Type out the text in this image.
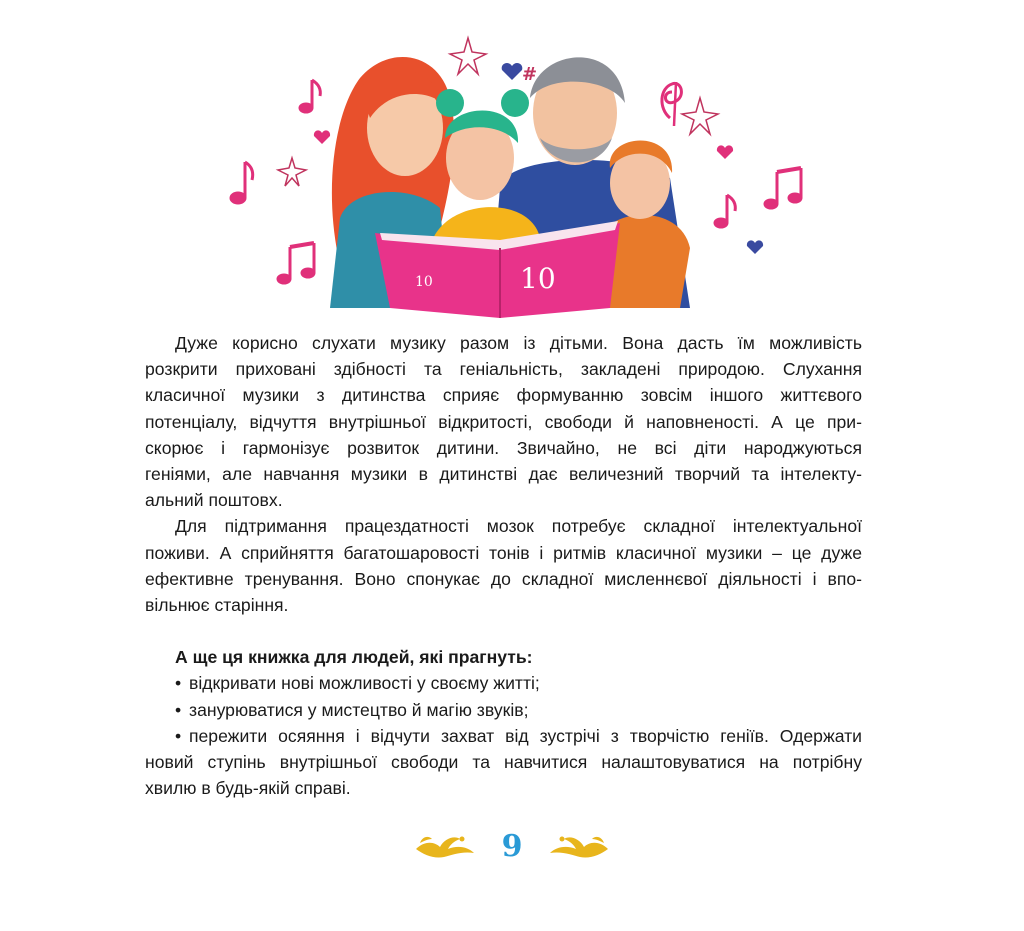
#
10	10
Дуже корисно слухати музику разом із дітьми. Вона дасть їм можливість
розкрити приховані здібності та геніальність, закладені природою. Слухання
класичної музики з дитинства сприяє формуванню зовсім іншого життєвого
потенціалу, відчуття внутрішньої відкритості, свободи й наповненості. А це при-
скорює і гармонізує розвиток дитини. Звичайно, не всі діти народжуються
геніями, але навчання музики в дитинстві дає величезний творчий та інтелекту-
альний поштовх.
Для підтримання працездатності мозок потребує складної інтелектуальної
поживи. А сприйняття багатошаровості тонів і ритмів класичної музики – це дуже
ефективне тренування. Воно спонукає до складної мисленнєвої діяльності і впо-
вільнює старіння.

А ще ця книжка для людей, які прагнуть:

• відкривати нові можливості у своєму житті;

• занурюватися у мистецтво й магію звуків;

• пережити осяяння і відчути захват від зустрічі з творчістю геніїв. Одержати
новий ступінь внутрішньої свободи та навчитися налаштовуватися на потрібну
хвилю в будь-якій справі.
9
